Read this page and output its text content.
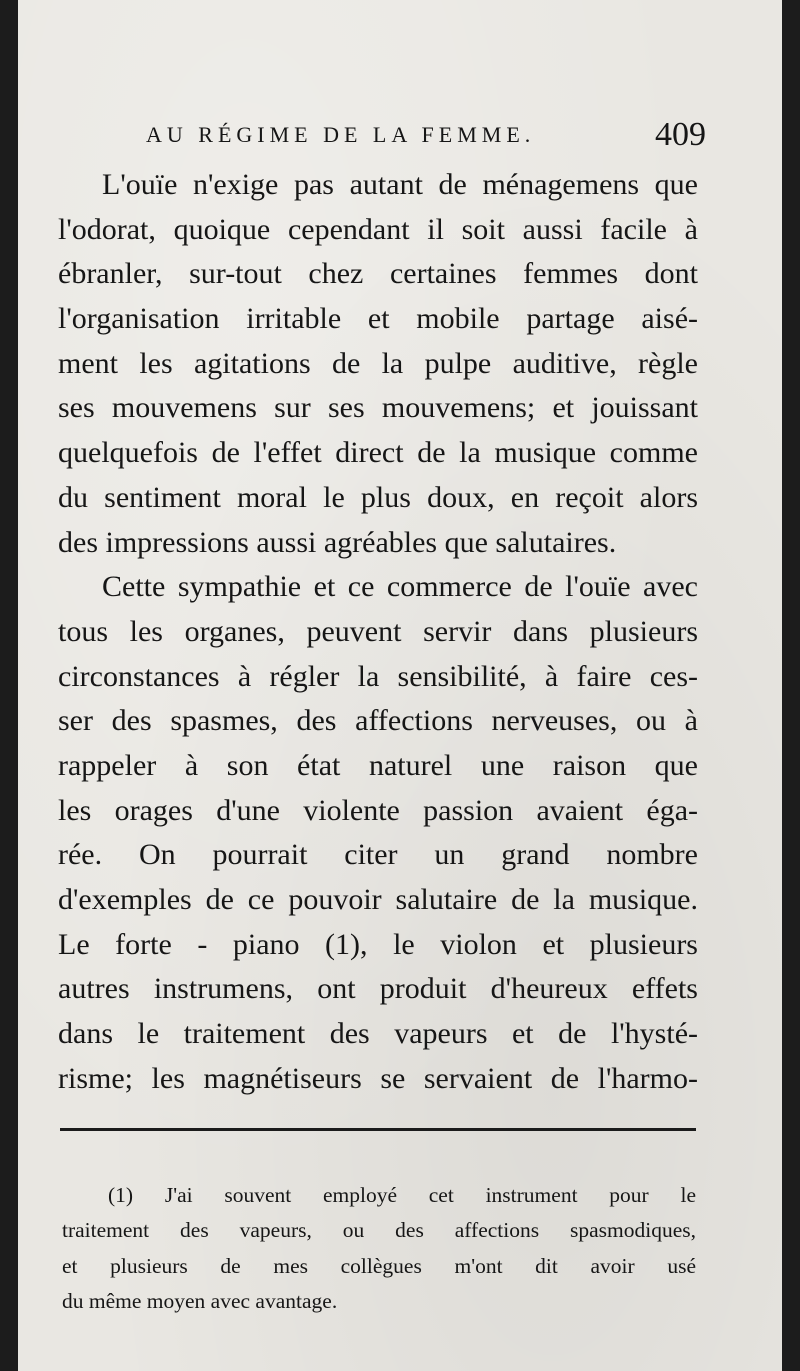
AU RÉGIME DE LA FEMME.	409
L'ouïe n'exige pas autant de ménagemens que
l'odorat, quoique cependant il soit aussi facile à
ébranler, sur-tout chez certaines femmes dont
l'organisation irritable et mobile partage aisé-
ment les agitations de la pulpe auditive, règle
ses mouvemens sur ses mouvemens; et jouissant
quelquefois de l'effet direct de la musique comme
du sentiment moral le plus doux, en reçoit alors
des impressions aussi agréables que salutaires.
Cette sympathie et ce commerce de l'ouïe avec
tous les organes, peuvent servir dans plusieurs
circonstances à régler la sensibilité, à faire ces-
ser des spasmes, des affections nerveuses, ou à
rappeler à son état naturel une raison que
les orages d'une violente passion avaient éga-
rée. On pourrait citer un grand nombre
d'exemples de ce pouvoir salutaire de la musique.
Le forte - piano (1), le violon et plusieurs
autres instrumens, ont produit d'heureux effets
dans le traitement des vapeurs et de l'hysté-
risme; les magnétiseurs se servaient de l'harmo-
(1) J'ai souvent employé cet instrument pour le
traitement des vapeurs, ou des affections spasmodiques,
et plusieurs de mes collègues m'ont dit avoir usé
du même moyen avec avantage.
